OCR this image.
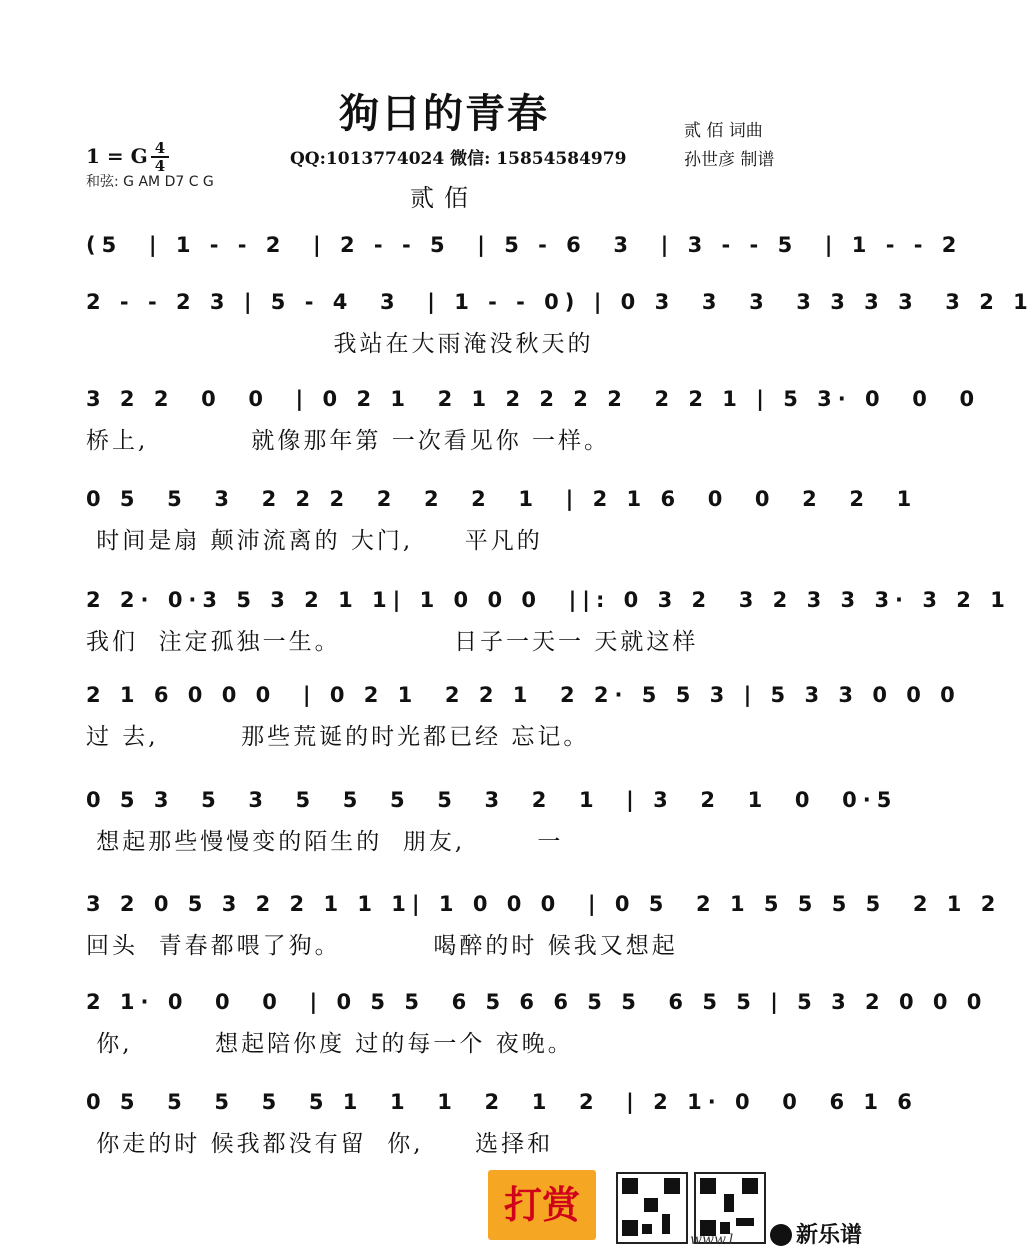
狗日的青春	贰 佰 词曲
孙世彦 制谱
1 = G 4
4	QQ:1013774024 微信: 15854584979
和弦: G AM D7 C G
贰佰
(5  | 1 - - 2  | 2 - - 5  | 5 - 6  3  | 3 - - 5  | 1 - - 2
2 - - 2 3 | 5 - 4  3  | 1 - - 0) | 0 3  3  3  3 3 3 3  3 2 1
我站在大雨淹没秋天的
3 2 2  0  0  | 0 2 1  2 1 2 2 2 2  2 2 1 | 5 3· 0  0  0
桥上,          就像那年第 一次看见你 一样。
0 5  5  3  2 2 2  2  2  2  1  | 2 1 6  0  0  2  2  1
时间是扇 颠沛流离的 大门,     平凡的
2 2· 0·3 5 3 2 1 1| 1 0 0 0  ||: 0 3 2  3 2 3 3 3· 3 2 1
我们  注定孤独一生。           日子一天一 天就这样
2 1 6 0 0 0  | 0 2 1  2 2 1  2 2· 5 5 3 | 5 3 3 0 0 0
过 去,        那些荒诞的时光都已经 忘记。
0 5 3  5  3  5  5  5  5  3  2  1  | 3  2  1  0  0·5
想起那些慢慢变的陌生的  朋友,       一
3 2 0 5 3 2 2 1 1 1| 1 0 0 0  | 0 5  2 1 5 5 5 5  2 1 2
回头  青春都喂了狗。         喝醉的时 候我又想起
2 1· 0  0  0  | 0 5 5  6 5 6 6 5 5  6 5 5 | 5 3 2 0 0 0
你,        想起陪你度 过的每一个 夜晚。
0 5  5  5  5  5 1  1  1  2  1  2  | 2 1· 0  0  6 1 6
你走的时 候我都没有留  你,     选择和
打赏
www.l	新乐谱
